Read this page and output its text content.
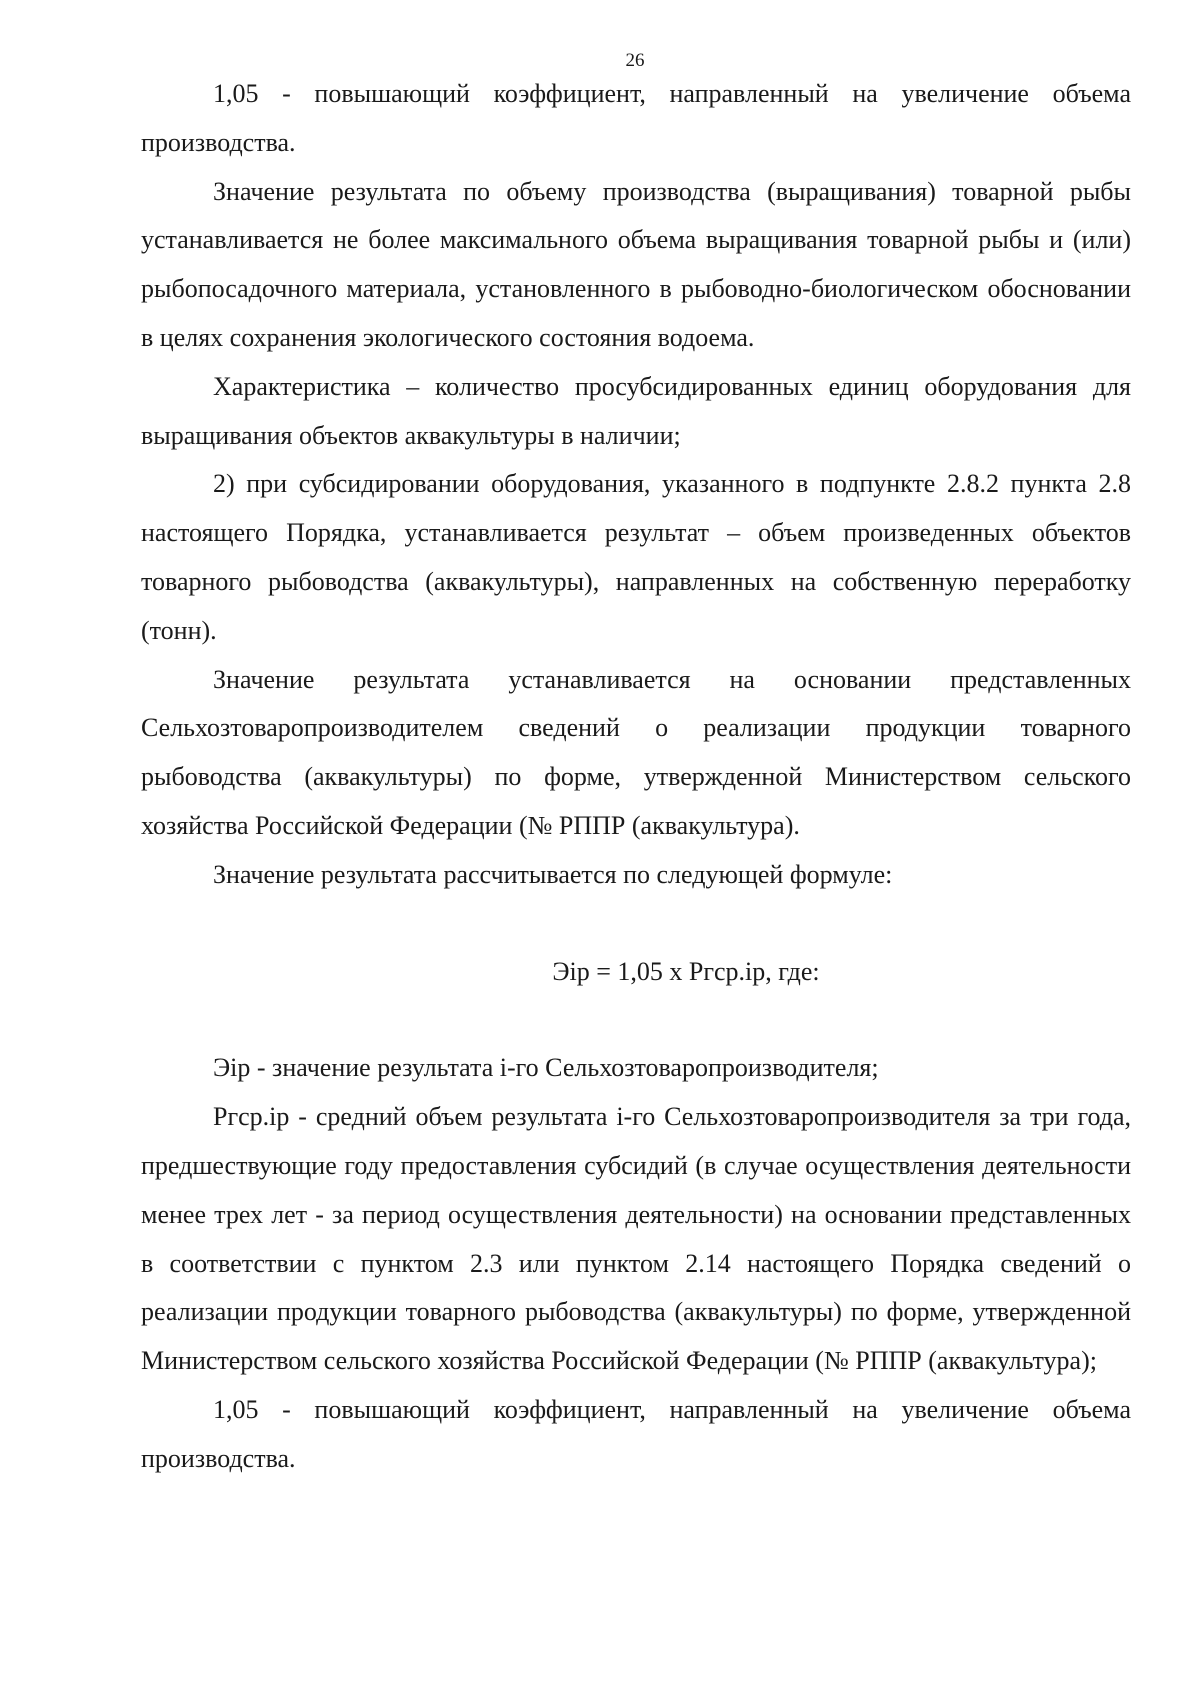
26

1,05 - повышающий коэффициент, направленный на увеличение объема производства.

Значение результата по объему производства (выращивания) товарной рыбы устанавливается не более максимального объема выращивания товарной рыбы и (или) рыбопосадочного материала, установленного в рыбоводно-биологическом обосновании в целях сохранения экологического состояния водоема.

Характеристика – количество просубсидированных единиц оборудования для выращивания объектов аквакультуры в наличии;

2) при субсидировании оборудования, указанного в подпункте 2.8.2 пункта 2.8 настоящего Порядка, устанавливается результат – объем произведенных объектов товарного рыбоводства (аквакультуры), направленных на собственную переработку (тонн).

Значение результата устанавливается на основании представленных Сельхозтоваропроизводителем сведений о реализации продукции товарного рыбоводства (аквакультуры) по форме, утвержденной Министерством сельского хозяйства Российской Федерации (№ РППР (аквакультура).

Значение результата рассчитывается по следующей формуле:

Эiр = 1,05 х Ргср.iр, где:

Эiр - значение результата i-го Сельхозтоваропроизводителя;

Ргср.iр - средний объем результата i-го Сельхозтоваропроизводителя за три года, предшествующие году предоставления субсидий (в случае осуществления деятельности менее трех лет - за период осуществления деятельности) на основании представленных в соответствии с пунктом 2.3 или пунктом 2.14 настоящего Порядка сведений о реализации продукции товарного рыбоводства (аквакультуры) по форме, утвержденной Министерством сельского хозяйства Российской Федерации (№ РППР (аквакультура);

1,05 - повышающий коэффициент, направленный на увеличение объема производства.
